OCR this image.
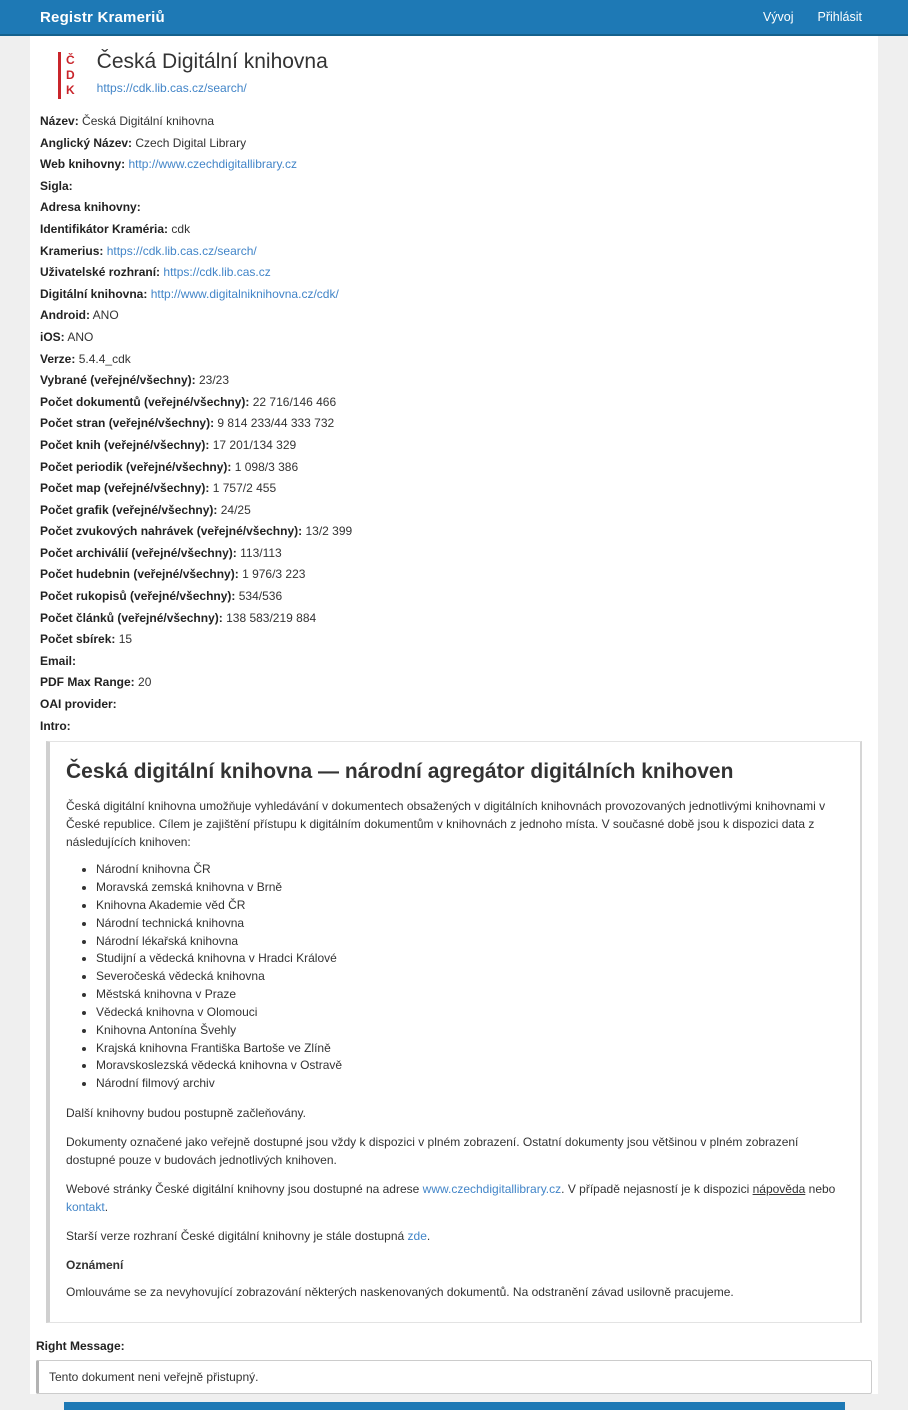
Registr Krameriů	Vývoj Přihlásit
Č
D
K
Česká Digitální knihovna
https://cdk.lib.cas.cz/search/
Název: Česká Digitální knihovna
Anglický Název: Czech Digital Library
Web knihovny: http://www.czechdigitallibrary.cz
Sigla:
Adresa knihovny:
Identifikátor Kraméria: cdk
Kramerius: https://cdk.lib.cas.cz/search/
Uživatelské rozhraní: https://cdk.lib.cas.cz
Digitální knihovna: http://www.digitalniknihovna.cz/cdk/
Android: ANO
iOS: ANO
Verze: 5.4.4_cdk
Vybrané (veřejné/všechny): 23/23
Počet dokumentů (veřejné/všechny): 22 716/146 466
Počet stran (veřejné/všechny): 9 814 233/44 333 732
Počet knih (veřejné/všechny): 17 201/134 329
Počet periodik (veřejné/všechny): 1 098/3 386
Počet map (veřejné/všechny): 1 757/2 455
Počet grafik (veřejné/všechny): 24/25
Počet zvukových nahrávek (veřejné/všechny): 13/2 399
Počet archiválií (veřejné/všechny): 113/113
Počet hudebnin (veřejné/všechny): 1 976/3 223
Počet rukopisů (veřejné/všechny): 534/536
Počet článků (veřejné/všechny): 138 583/219 884
Počet sbírek: 15
Email:
PDF Max Range: 20
OAI provider:
Intro:
Česká digitální knihovna — národní agregátor digitálních knihoven

Česká digitální knihovna umožňuje vyhledávání v dokumentech obsažených v digitálních knihovnách provozovaných jednotlivými knihovnami v České republice. Cílem je zajištění přístupu k digitálním dokumentům v knihovnách z jednoho místa. V současné době jsou k dispozici data z následujících knihoven:

• Národní knihovna ČR
• Moravská zemská knihovna v Brně
• Knihovna Akademie věd ČR
• Národní technická knihovna
• Národní lékařská knihovna
• Studijní a vědecká knihovna v Hradci Králové
• Severočeská vědecká knihovna
• Městská knihovna v Praze
• Vědecká knihovna v Olomouci
• Knihovna Antonína Švehly
• Krajská knihovna Františka Bartoše ve Zlíně
• Moravskoslezská vědecká knihovna v Ostravě
• Národní filmový archiv

Další knihovny budou postupně začleňovány.

Dokumenty označené jako veřejně dostupné jsou vždy k dispozici v plném zobrazení. Ostatní dokumenty jsou většinou v plném zobrazení dostupné pouze v budovách jednotlivých knihoven.

Webové stránky České digitální knihovny jsou dostupné na adrese www.czechdigitallibrary.cz. V případě nejasností je k dispozici nápověda nebo kontakt.

Starší verze rozhraní České digitální knihovny je stále dostupná zde.

Oznámení

Omlouváme se za nevyhovující zobrazování některých naskenovaných dokumentů. Na odstranění závad usilovně pracujeme.

Right Message:
Tento dokument neni veřejně přistupný.
